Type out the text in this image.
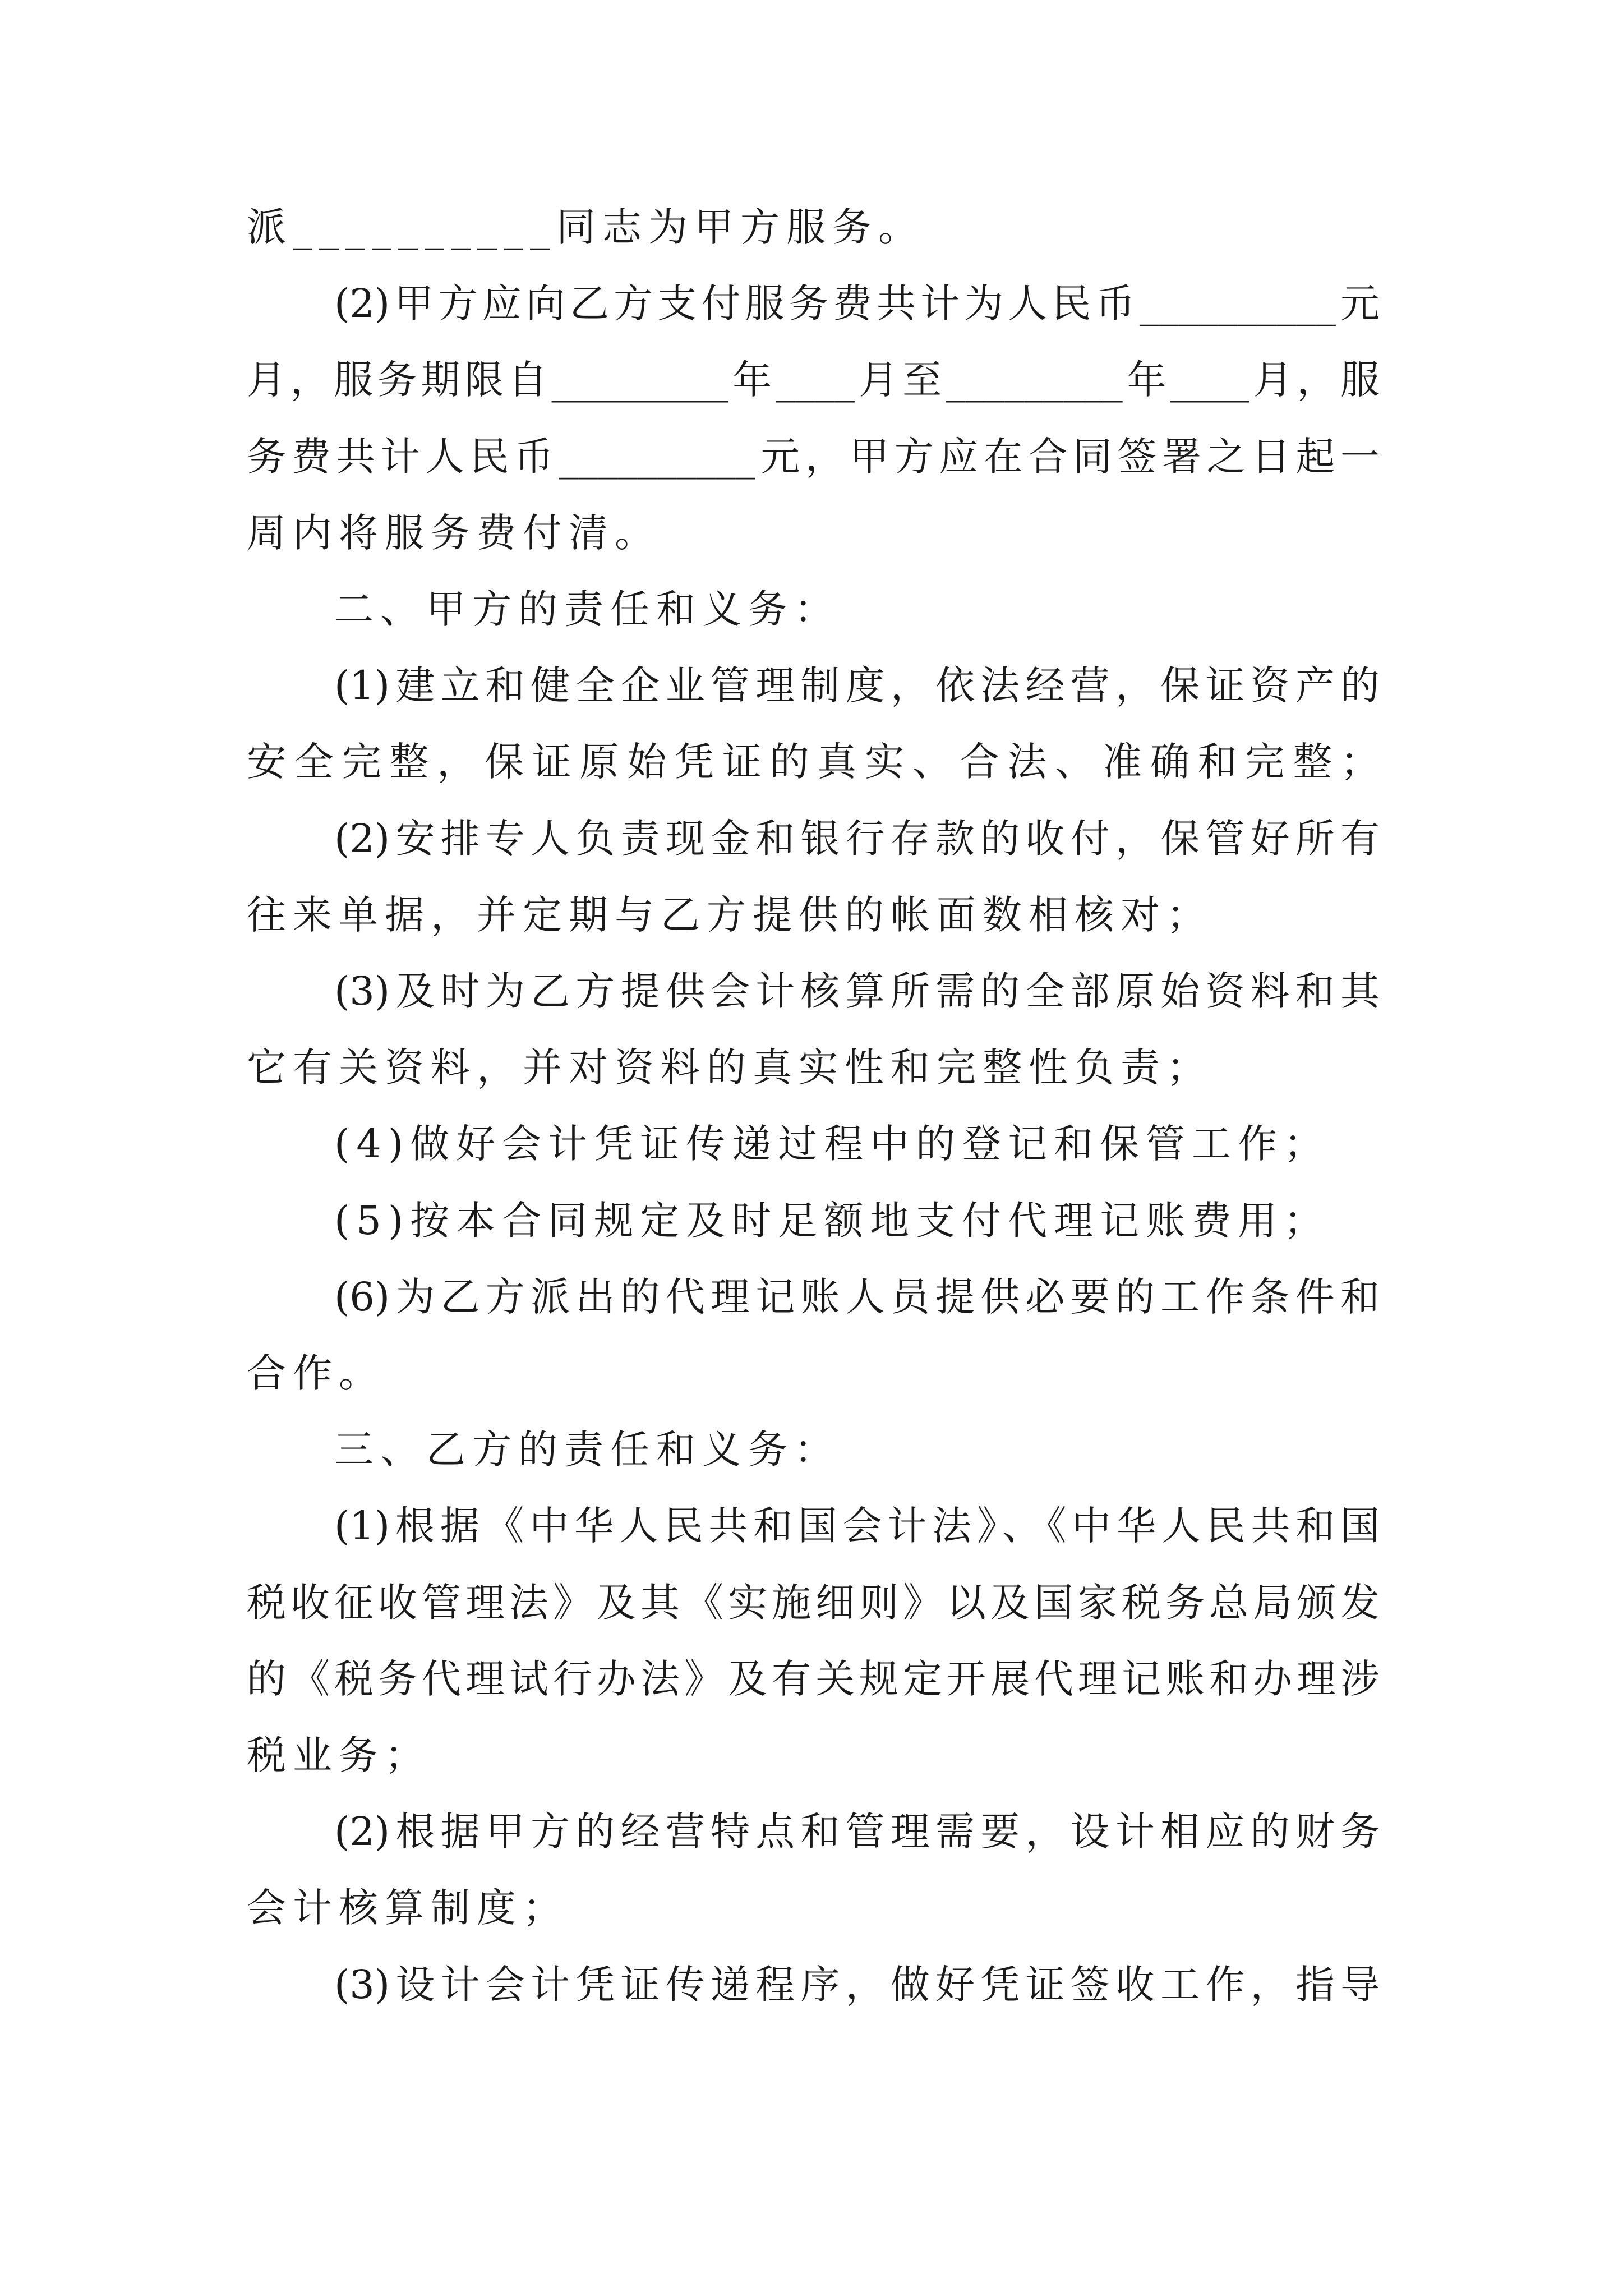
派__________同志为甲方服务。
(2)甲方应向乙方支付服务费共计为人民币__________元
月，服务期限自_________年____月至_________年____月，服
务费共计人民币__________元，甲方应在合同签署之日起一
周内将服务费付清。
二、甲方的责任和义务：
(1)建立和健全企业管理制度，依法经营，保证资产的
安全完整，保证原始凭证的真实、合法、准确和完整；
(2)安排专人负责现金和银行存款的收付，保管好所有
往来单据，并定期与乙方提供的帐面数相核对；
(3)及时为乙方提供会计核算所需的全部原始资料和其
它有关资料，并对资料的真实性和完整性负责；
(4)做好会计凭证传递过程中的登记和保管工作；
(5)按本合同规定及时足额地支付代理记账费用；
(6)为乙方派出的代理记账人员提供必要的工作条件和
合作。
三、乙方的责任和义务：
(1)根据《中华人民共和国会计法》、《中华人民共和国
税收征收管理法》及其《实施细则》以及国家税务总局颁发
的《税务代理试行办法》及有关规定开展代理记账和办理涉
税业务；
(2)根据甲方的经营特点和管理需要，设计相应的财务
会计核算制度；
(3)设计会计凭证传递程序，做好凭证签收工作，指导
